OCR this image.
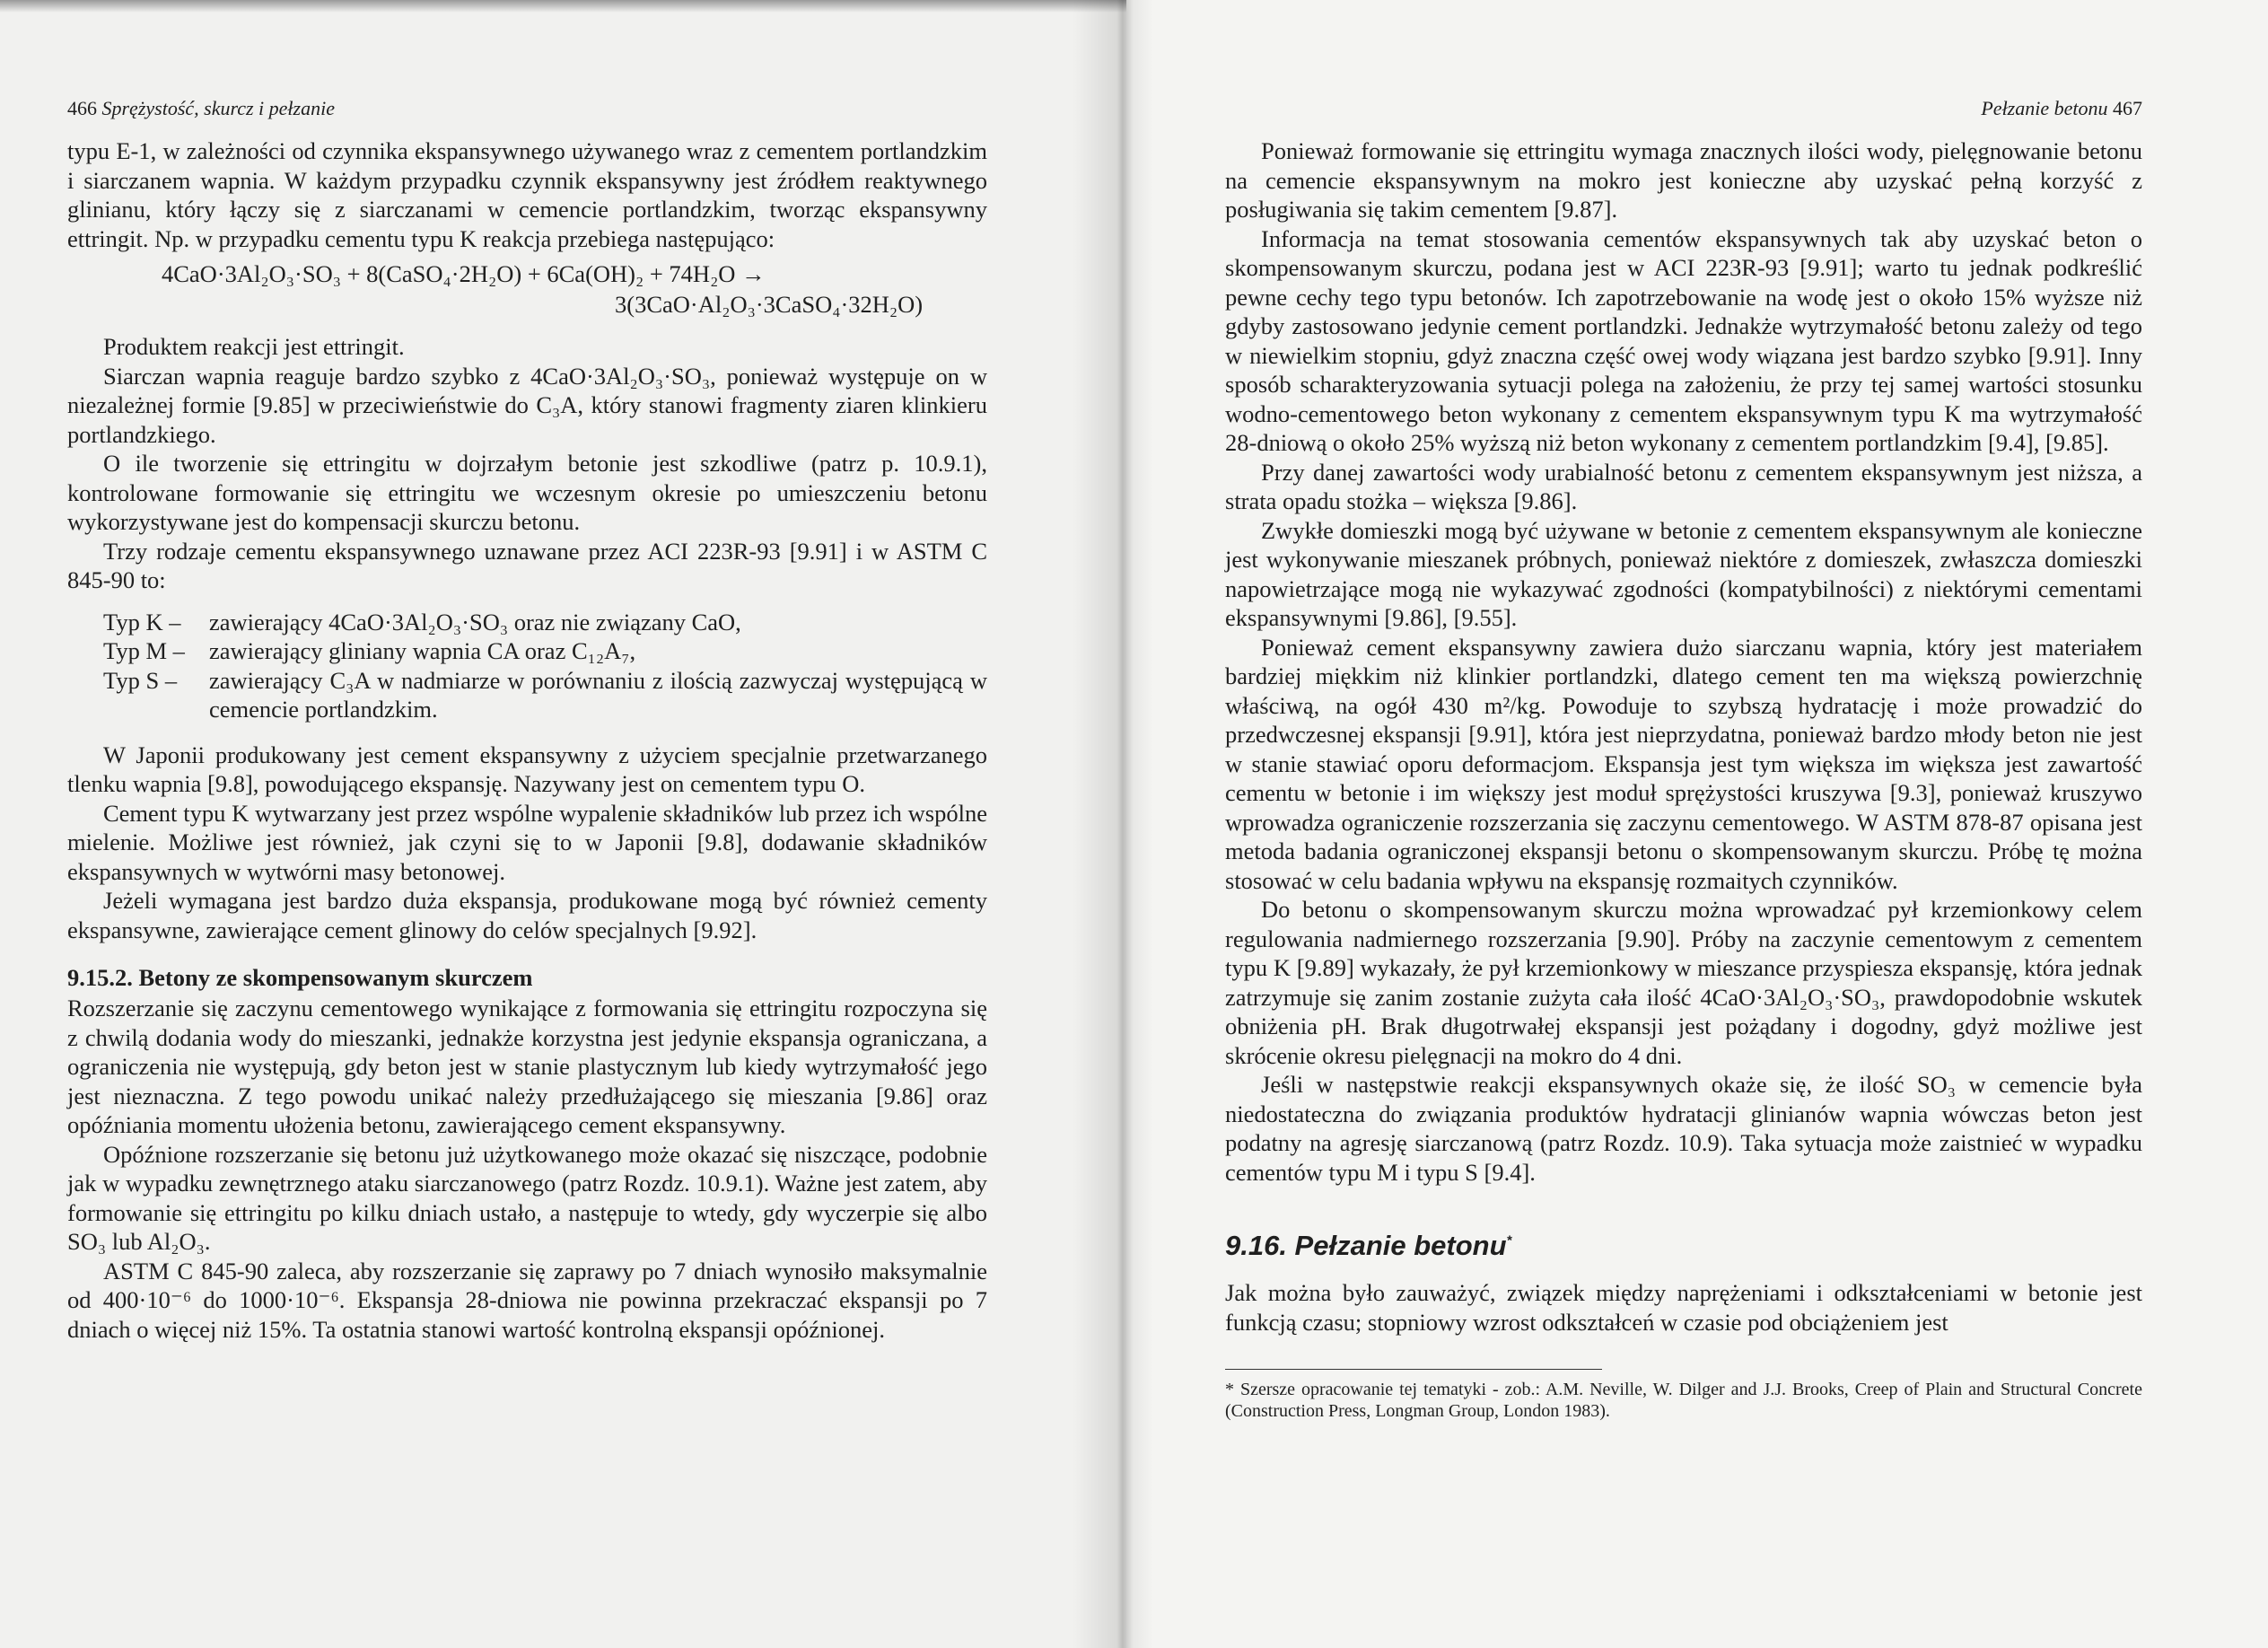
466 Sprężystość, skurcz i pełzanie

typu E-1, w zależności od czynnika ekspansywnego używanego wraz z cementem portlandzkim i siarczanem wapnia. W każdym przypadku czynnik ekspansywny jest źródłem reaktywnego glinianu, który łączy się z siarczanami w cemencie portlandzkim, tworząc ekspansywny ettringit. Np. w przypadku cementu typu K reakcja przebiega następująco:

4CaO·3Al₂O₃·SO₃ + 8(CaSO₄·2H₂O) + 6Ca(OH)₂ + 74H₂O →
3(3CaO·Al₂O₃·3CaSO₄·32H₂O)

Produktem reakcji jest ettringit.

Siarczan wapnia reaguje bardzo szybko z 4CaO·3Al₂O₃·SO₃, ponieważ występuje on w niezależnej formie [9.85] w przeciwieństwie do C₃A, który stanowi fragmenty ziaren klinkieru portlandzkiego.

O ile tworzenie się ettringitu w dojrzałym betonie jest szkodliwe (patrz p. 10.9.1), kontrolowane formowanie się ettringitu we wczesnym okresie po umieszczeniu betonu wykorzystywane jest do kompensacji skurczu betonu.

Trzy rodzaje cementu ekspansywnego uznawane przez ACI 223R-93 [9.91] i w ASTM C 845-90 to:

Typ K –	zawierający 4CaO·3Al₂O₃·SO₃ oraz nie związany CaO,
Typ M –	zawierający gliniany wapnia CA oraz C₁₂A₇,
Typ S –	zawierający C₃A w nadmiarze w porównaniu z ilością zazwyczaj występującą w cemencie portlandzkim.

W Japonii produkowany jest cement ekspansywny z użyciem specjalnie przetwarzanego tlenku wapnia [9.8], powodującego ekspansję. Nazywany jest on cementem typu O.

Cement typu K wytwarzany jest przez wspólne wypalenie składników lub przez ich wspólne mielenie. Możliwe jest również, jak czyni się to w Japonii [9.8], dodawanie składników ekspansywnych w wytwórni masy betonowej.

Jeżeli wymagana jest bardzo duża ekspansja, produkowane mogą być również cementy ekspansywne, zawierające cement glinowy do celów specjalnych [9.92].

9.15.2. Betony ze skompensowanym skurczem

Rozszerzanie się zaczynu cementowego wynikające z formowania się ettringitu rozpoczyna się z chwilą dodania wody do mieszanki, jednakże korzystna jest jedynie ekspansja ograniczana, a ograniczenia nie występują, gdy beton jest w stanie plastycznym lub kiedy wytrzymałość jego jest nieznaczna. Z tego powodu unikać należy przedłużającego się mieszania [9.86] oraz opóźniania momentu ułożenia betonu, zawierającego cement ekspansywny.

Opóźnione rozszerzanie się betonu już użytkowanego może okazać się niszczące, podobnie jak w wypadku zewnętrznego ataku siarczanowego (patrz Rozdz. 10.9.1). Ważne jest zatem, aby formowanie się ettringitu po kilku dniach ustało, a następuje to wtedy, gdy wyczerpie się albo SO₃ lub Al₂O₃.

ASTM C 845-90 zaleca, aby rozszerzanie się zaprawy po 7 dniach wynosiło maksymalnie od 400·10⁻⁶ do 1000·10⁻⁶. Ekspansja 28-dniowa nie powinna przekraczać ekspansji po 7 dniach o więcej niż 15%. Ta ostatnia stanowi wartość kontrolną ekspansji opóźnionej.

Pełzanie betonu 467

Ponieważ formowanie się ettringitu wymaga znacznych ilości wody, pielęgnowanie betonu na cemencie ekspansywnym na mokro jest konieczne aby uzyskać pełną korzyść z posługiwania się takim cementem [9.87].

Informacja na temat stosowania cementów ekspansywnych tak aby uzyskać beton o skompensowanym skurczu, podana jest w ACI 223R-93 [9.91]; warto tu jednak podkreślić pewne cechy tego typu betonów. Ich zapotrzebowanie na wodę jest o około 15% wyższe niż gdyby zastosowano jedynie cement portlandzki. Jednakże wytrzymałość betonu zależy od tego w niewielkim stopniu, gdyż znaczna część owej wody wiązana jest bardzo szybko [9.91]. Inny sposób scharakteryzowania sytuacji polega na założeniu, że przy tej samej wartości stosunku wodno-cementowego beton wykonany z cementem ekspansywnym typu K ma wytrzymałość 28-dniową o około 25% wyższą niż beton wykonany z cementem portlandzkim [9.4], [9.85].

Przy danej zawartości wody urabialność betonu z cementem ekspansywnym jest niższa, a strata opadu stożka – większa [9.86].

Zwykłe domieszki mogą być używane w betonie z cementem ekspansywnym ale konieczne jest wykonywanie mieszanek próbnych, ponieważ niektóre z domieszek, zwłaszcza domieszki napowietrzające mogą nie wykazywać zgodności (kompatybilności) z niektórymi cementami ekspansywnymi [9.86], [9.55].

Ponieważ cement ekspansywny zawiera dużo siarczanu wapnia, który jest materiałem bardziej miękkim niż klinkier portlandzki, dlatego cement ten ma większą powierzchnię właściwą, na ogół 430 m²/kg. Powoduje to szybszą hydratację i może prowadzić do przedwczesnej ekspansji [9.91], która jest nieprzydatna, ponieważ bardzo młody beton nie jest w stanie stawiać oporu deformacjom. Ekspansja jest tym większa im większa jest zawartość cementu w betonie i im większy jest moduł sprężystości kruszywa [9.3], ponieważ kruszywo wprowadza ograniczenie rozszerzania się zaczynu cementowego. W ASTM 878-87 opisana jest metoda badania ograniczonej ekspansji betonu o skompensowanym skurczu. Próbę tę można stosować w celu badania wpływu na ekspansję rozmaitych czynników.

Do betonu o skompensowanym skurczu można wprowadzać pył krzemionkowy celem regulowania nadmiernego rozszerzania [9.90]. Próby na zaczynie cementowym z cementem typu K [9.89] wykazały, że pył krzemionkowy w mieszance przyspiesza ekspansję, która jednak zatrzymuje się zanim zostanie zużyta cała ilość 4CaO·3Al₂O₃·SO₃, prawdopodobnie wskutek obniżenia pH. Brak długotrwałej ekspansji jest pożądany i dogodny, gdyż możliwe jest skrócenie okresu pielęgnacji na mokro do 4 dni.

Jeśli w następstwie reakcji ekspansywnych okaże się, że ilość SO₃ w cemencie była niedostateczna do związania produktów hydratacji glinianów wapnia wówczas beton jest podatny na agresję siarczanową (patrz Rozdz. 10.9). Taka sytuacja może zaistnieć w wypadku cementów typu M i typu S [9.4].

9.16. Pełzanie betonu*

Jak można było zauważyć, związek między naprężeniami i odkształceniami w betonie jest funkcją czasu; stopniowy wzrost odkształceń w czasie pod obciążeniem jest

* Szersze opracowanie tej tematyki - zob.: A.M. Neville, W. Dilger and J.J. Brooks, Creep of Plain and Structural Concrete (Construction Press, Longman Group, London 1983).
